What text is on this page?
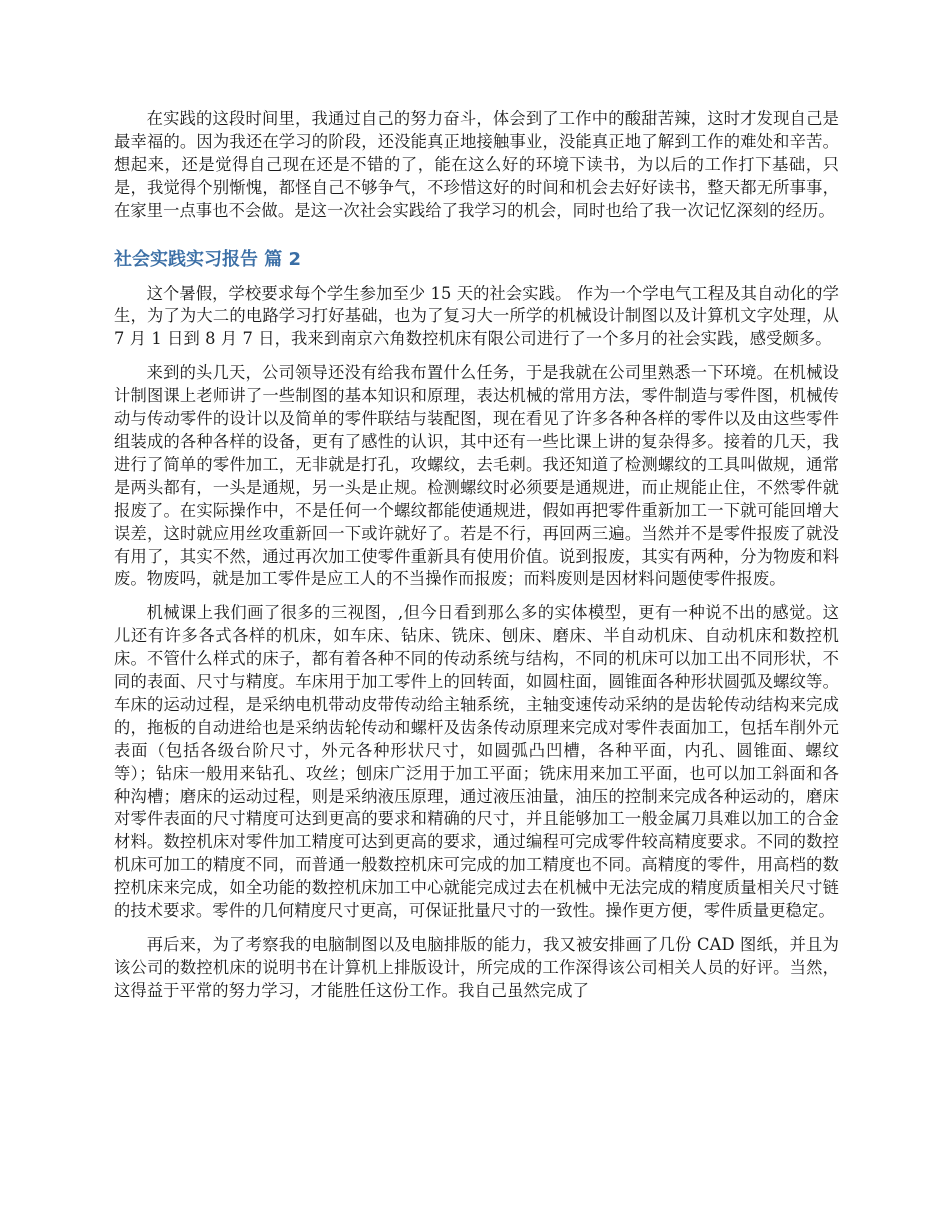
在实践的这段时间里，我通过自己的努力奋斗，体会到了工作中的酸甜苦辣，这时才发现自己是最幸福的。因为我还在学习的阶段，还没能真正地接触事业，没能真正地了解到工作的难处和辛苦。想起来，还是觉得自己现在还是不错的了，能在这么好的环境下读书，为以后的工作打下基础，只是，我觉得个别惭愧，都怪自己不够争气，不珍惜这好的时间和机会去好好读书，整天都无所事事，在家里一点事也不会做。是这一次社会实践给了我学习的机会，同时也给了我一次记忆深刻的经历。

社会实践实习报告 篇 2

这个暑假，学校要求每个学生参加至少 15 天的社会实践。 作为一个学电气工程及其自动化的学生，为了为大二的电路学习打好基础，也为了复习大一所学的机械设计制图以及计算机文字处理，从 7 月 1 日到 8 月 7 日，我来到南京六角数控机床有限公司进行了一个多月的社会实践，感受颇多。

来到的头几天，公司领导还没有给我布置什么任务，于是我就在公司里熟悉一下环境。在机械设计制图课上老师讲了一些制图的基本知识和原理，表达机械的常用方法，零件制造与零件图，机械传动与传动零件的设计以及简单的零件联结与装配图，现在看见了许多各种各样的零件以及由这些零件组装成的各种各样的设备，更有了感性的认识，其中还有一些比课上讲的复杂得多。接着的几天，我进行了简单的零件加工，无非就是打孔，攻螺纹，去毛刺。我还知道了检测螺纹的工具叫做规，通常是两头都有，一头是通规，另一头是止规。检测螺纹时必须要是通规进，而止规能止住，不然零件就报废了。在实际操作中，不是任何一个螺纹都能使通规进，假如再把零件重新加工一下就可能回增大误差，这时就应用丝攻重新回一下或许就好了。若是不行，再回两三遍。当然并不是零件报废了就没有用了，其实不然，通过再次加工使零件重新具有使用价值。说到报废，其实有两种，分为物废和料废。物废吗，就是加工零件是应工人的不当操作而报废；而料废则是因材料问题使零件报废。

机械课上我们画了很多的三视图，,但今日看到那么多的实体模型，更有一种说不出的感觉。这儿还有许多各式各样的机床，如车床、钻床、铣床、刨床、磨床、半自动机床、自动机床和数控机床。不管什么样式的床子，都有着各种不同的传动系统与结构，不同的机床可以加工出不同形状，不同的表面、尺寸与精度。车床用于加工零件上的回转面，如圆柱面，圆锥面各种形状圆弧及螺纹等。车床的运动过程，是采纳电机带动皮带传动给主轴系统，主轴变速传动采纳的是齿轮传动结构来完成的，拖板的自动进给也是采纳齿轮传动和螺杆及齿条传动原理来完成对零件表面加工，包括车削外元表面（包括各级台阶尺寸，外元各种形状尺寸，如圆弧凸凹槽，各种平面，内孔、圆锥面、螺纹等）；钻床一般用来钻孔、攻丝；刨床广泛用于加工平面；铣床用来加工平面，也可以加工斜面和各种沟槽；磨床的运动过程，则是采纳液压原理，通过液压油量，油压的控制来完成各种运动的，磨床对零件表面的尺寸精度可达到更高的要求和精确的尺寸，并且能够加工一般金属刀具难以加工的合金材料。数控机床对零件加工精度可达到更高的要求，通过编程可完成零件较高精度要求。不同的数控机床可加工的精度不同，而普通一般数控机床可完成的加工精度也不同。高精度的零件，用高档的数控机床来完成，如全功能的数控机床加工中心就能完成过去在机械中无法完成的精度质量相关尺寸链的技术要求。零件的几何精度尺寸更高，可保证批量尺寸的一致性。操作更方便，零件质量更稳定。

再后来，为了考察我的电脑制图以及电脑排版的能力，我又被安排画了几份 CAD 图纸，并且为该公司的数控机床的说明书在计算机上排版设计，所完成的工作深得该公司相关人员的好评。当然，这得益于平常的努力学习，才能胜任这份工作。我自己虽然完成了
